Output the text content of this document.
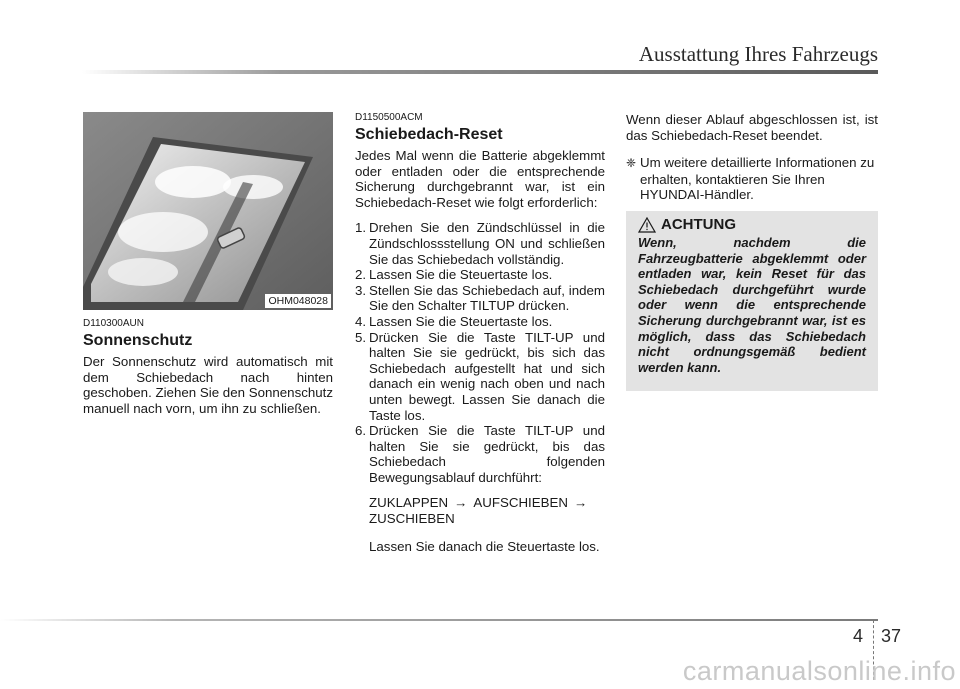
Ausstattung Ihres Fahrzeugs
OHM048028

D110300AUN

Sonnenschutz

Der Sonnenschutz wird automatisch mit dem Schiebedach nach hinten geschoben. Ziehen Sie den Sonnenschutz manuell nach vorn, um ihn zu schließen.

D1150500ACM

Schiebedach-Reset

Jedes Mal wenn die Batterie abgeklemmt oder entladen oder die entsprechende Sicherung durchgebrannt war, ist ein Schiebedach-Reset wie folgt erforderlich:

1. Drehen Sie den Zündschlüssel in die Zündschlossstellung ON und schließen Sie das Schiebedach vollständig.
2. Lassen Sie die Steuertaste los.
3. Stellen Sie das Schiebedach auf, indem Sie den Schalter TILTUP drücken.
4. Lassen Sie die Steuertaste los.
5. Drücken Sie die Taste TILT-UP und halten Sie sie gedrückt, bis sich das Schiebedach aufgestellt hat und sich danach ein wenig nach oben und nach unten bewegt. Lassen Sie danach die Taste los.
6. Drücken Sie die Taste TILT-UP und halten Sie sie gedrückt, bis das Schiebedach folgenden Bewegungsablauf durchführt:
ZUKLAPPEN → AUFSCHIEBEN →
ZUSCHIEBEN
Lassen Sie danach die Steuertaste los.

Wenn dieser Ablauf abgeschlossen ist, ist das Schiebedach-Reset beendet.

❈ Um weitere detaillierte Informationen zu erhalten, kontaktieren Sie Ihren HYUNDAI-Händler.
ACHTUNG
Wenn, nachdem die Fahrzeugbatterie abgeklemmt oder entladen war, kein Reset für das Schiebedach durchgeführt wurde oder wenn die entsprechende Sicherung durchgebrannt war, ist es möglich, dass das Schiebedach nicht ordnungsgemäß bedient werden kann.
4 37
carmanualsonline.info
